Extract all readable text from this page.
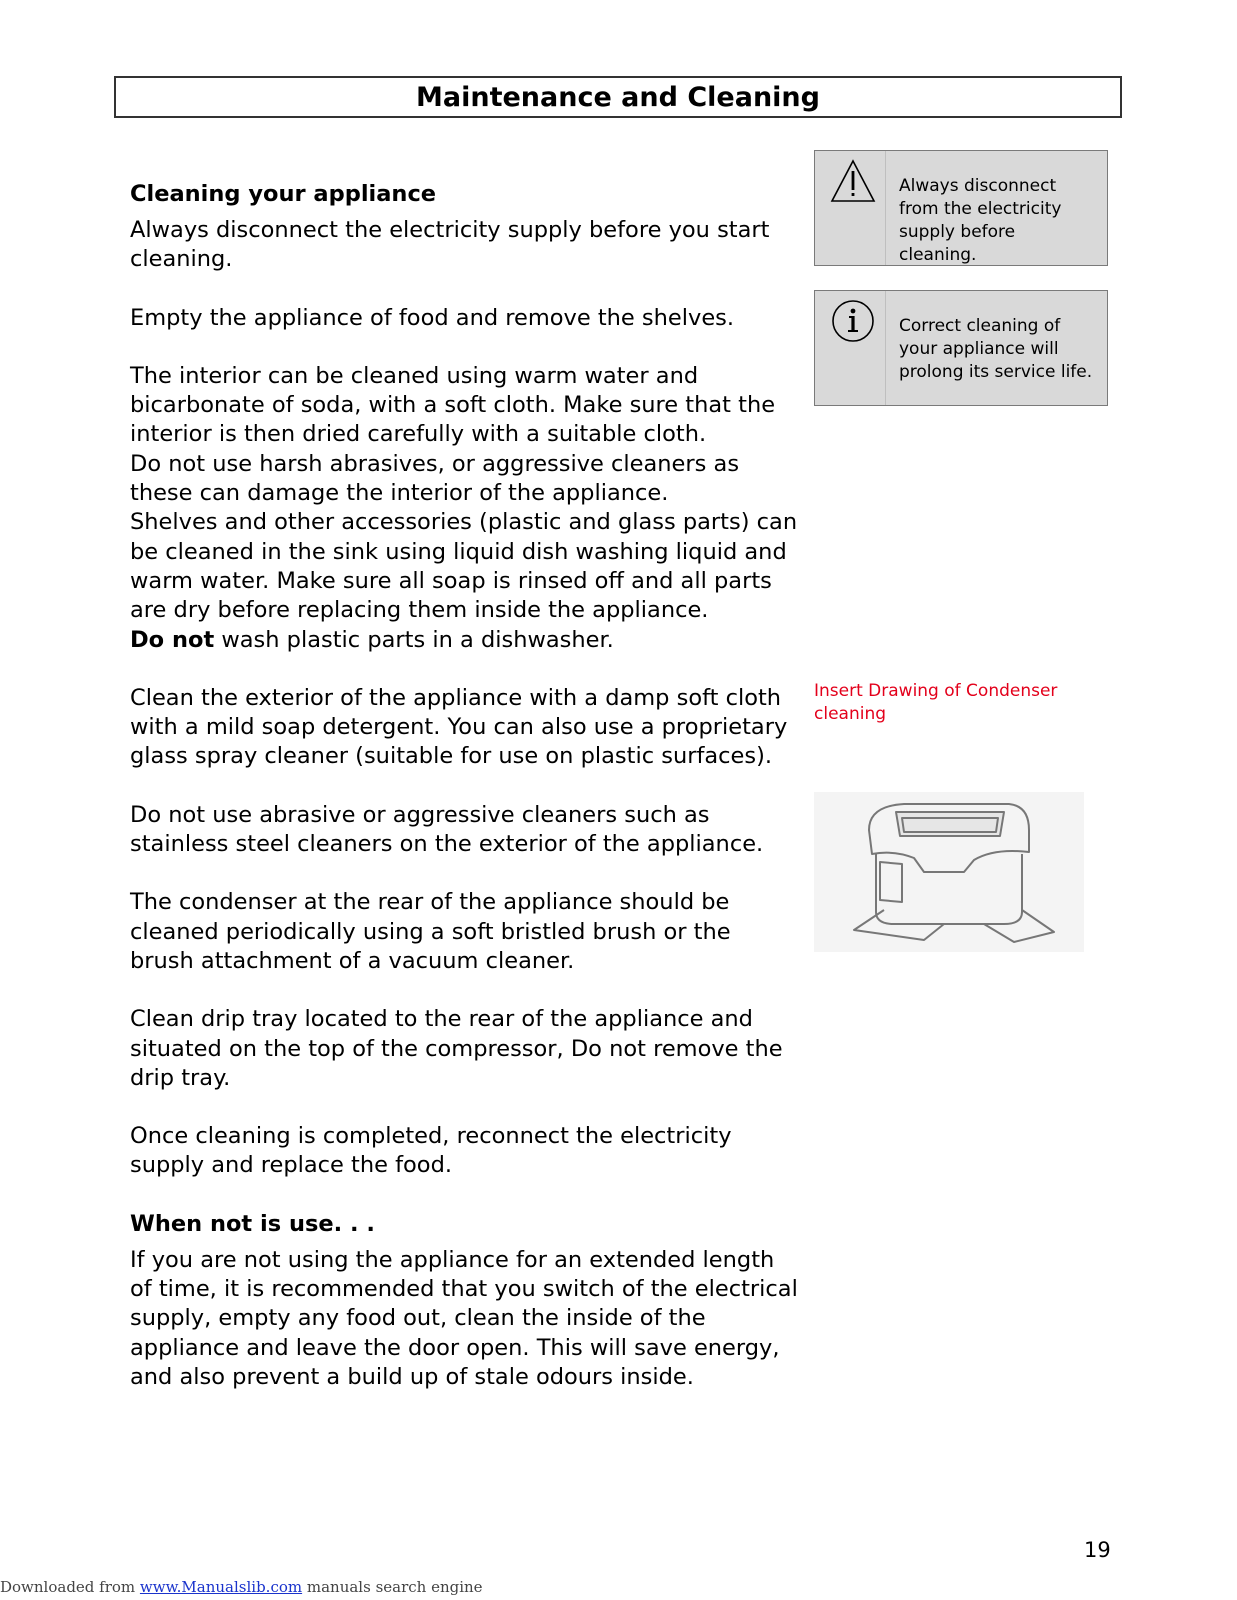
Maintenance and Cleaning
Cleaning your appliance

Always disconnect the electricity supply before you start cleaning.

Empty the appliance of food and remove the shelves.

The interior can be cleaned using warm water and bicarbonate of soda, with a soft cloth. Make sure that the interior is then dried carefully with a suitable cloth.

Do not use harsh abrasives, or aggressive cleaners as these can damage the interior of the appliance.

Shelves and other accessories (plastic and glass parts) can be cleaned in the sink using liquid dish washing liquid and warm water. Make sure all soap is rinsed off and all parts are dry before replacing them inside the appliance.

Do not wash plastic parts in a dishwasher.

Clean the exterior of the appliance with a damp soft cloth with a mild soap detergent. You can also use a proprietary glass spray cleaner (suitable for use on plastic surfaces).

Do not use abrasive or aggressive cleaners such as stainless steel cleaners on the exterior of the appliance.

The condenser at the rear of the appliance should be cleaned periodically using a soft bristled brush or the brush attachment of a vacuum cleaner.

Clean drip tray located to the rear of the appliance and situated on the top of the compressor, Do not remove the drip tray.

Once cleaning is completed, reconnect the electricity supply and replace the food.

When not is use. . .

If you are not using the appliance for an extended length of time, it is recommended that you switch of the electrical supply, empty any food out, clean the inside of the appliance and leave the door open. This will save energy, and also prevent a build up of stale odours inside.

Always disconnect from the electricity supply before cleaning.
Correct cleaning of your appliance will prolong its service life.
Insert Drawing of Condenser cleaning
19
Downloaded from www.Manualslib.com manuals search engine
